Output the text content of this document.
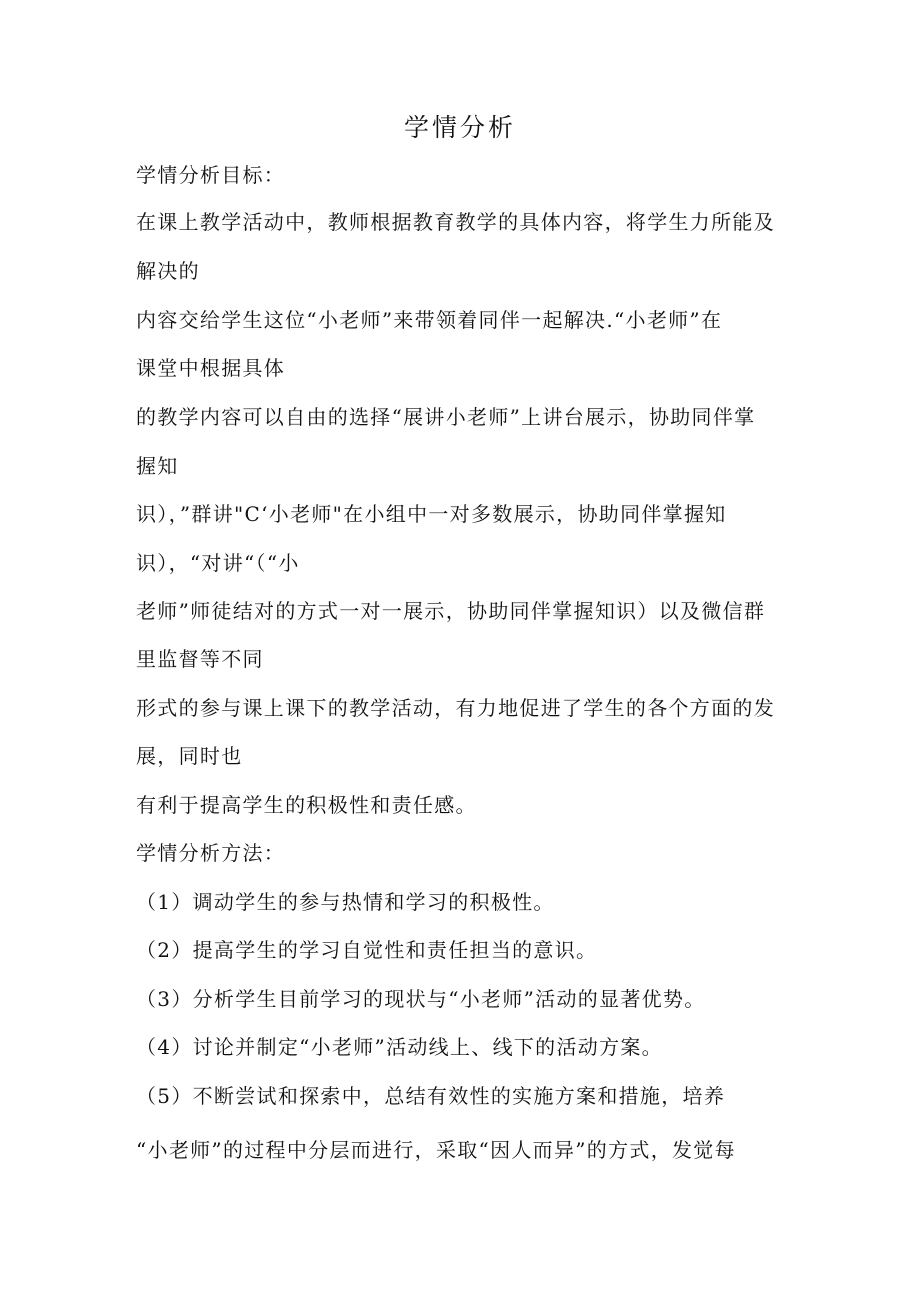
学情分析
学情分析目标：
在课上教学活动中，教师根据教育教学的具体内容，将学生力所能及
解决的
内容交给学生这位“小老师”来带领着同伴一起解决.“小老师”在
课堂中根据具体
的教学内容可以自由的选择“展讲小老师”上讲台展示，协助同伴掌
握知
识），”群讲"C‘小老师"在小组中一对多数展示，协助同伴掌握知
识），“对讲“（“小
老师”师徒结对的方式一对一展示，协助同伴掌握知识）以及微信群
里监督等不同
形式的参与课上课下的教学活动，有力地促进了学生的各个方面的发
展，同时也
有利于提高学生的积极性和责任感。
学情分析方法：
（1）调动学生的参与热情和学习的积极性。
（2）提高学生的学习自觉性和责任担当的意识。
（3）分析学生目前学习的现状与“小老师”活动的显著优势。
（4）讨论并制定“小老师”活动线上、线下的活动方案。
（5）不断尝试和探索中，总结有效性的实施方案和措施，培养
“小老师”的过程中分层而进行，采取“因人而异”的方式，发觉每
